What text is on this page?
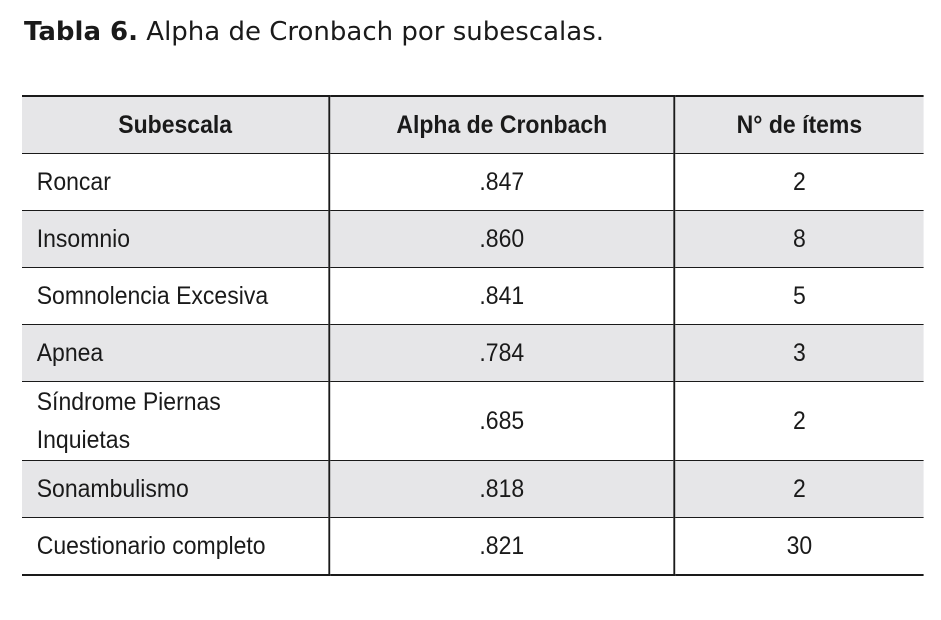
Tabla 6. Alpha de Cronbach por subescalas.
Subescala	Alpha de Cronbach	N° de ítems
Roncar	.847	2
Insomnio	.860	8
Somnolencia Excesiva	.841	5
Apnea	.784	3
Síndrome Piernas Inquietas	.685	2
Sonambulismo	.818	2
Cuestionario completo	.821	30
